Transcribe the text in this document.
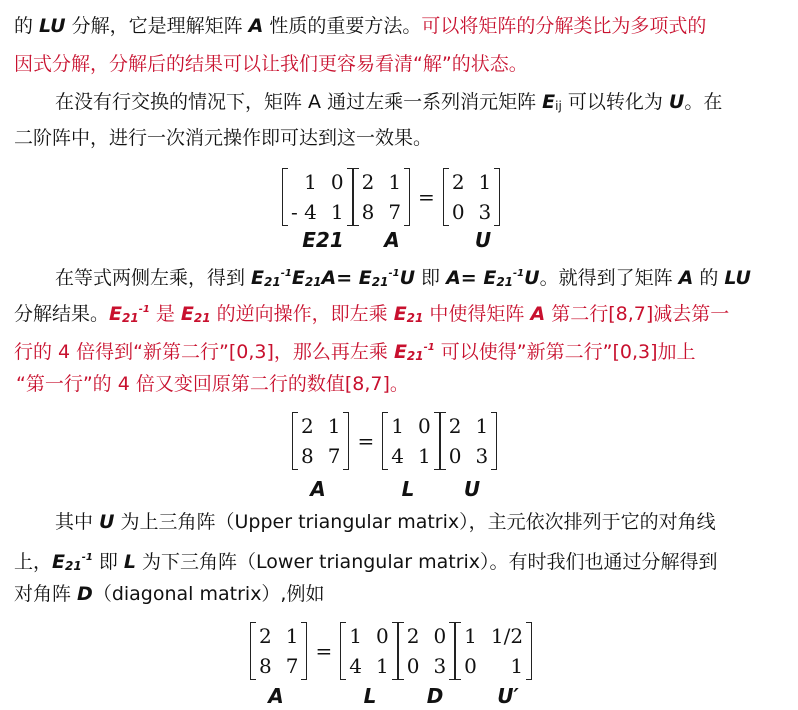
的 LU 分解，它是理解矩阵 A 性质的重要方法。可以将矩阵的分解类比为多项式的
因式分解，分解后的结果可以让我们更容易看清“解”的状态。
在没有行交换的情况下，矩阵 A 通过左乘一系列消元矩阵 Eij 可以转化为 U。在
二阶阵中，进行一次消元操作即可达到这一效果。
1 0
- 4 1
2 1
8 7
=
2 1
0 3
E21	A	U
在等式两侧左乘，得到 $E21^{-1}E21A= E21^{-1}U$ 即 $A= E21^{-1}U$。就得到了矩阵 A 的 LU
分解结果。$E21^{-1}$ 是 E21 的逆向操作，即左乘 E21 中使得矩阵 A 第二行[8,7]减去第一
行的 4 倍得到“新第二行”[0,3]，那么再左乘 $E21^{-1}$ 可以使得”新第二行”[0,3]加上
“第一行”的 4 倍又变回原第二行的数值[8,7]。
2 1
8 7
=
1 0
4 1
2 1
0 3
A	L	U
其中 U 为上三角阵（Upper triangular matrix），主元依次排列于它的对角线
上，$E21^{-1}$ 即 L 为下三角阵（Lower triangular matrix）。有时我们也通过分解得到
对角阵 D（diagonal matrix）,例如
2 1
8 7
=
1 0
4 1
2 0
0 3
1 1/2
0	1
A	L	D	U′
